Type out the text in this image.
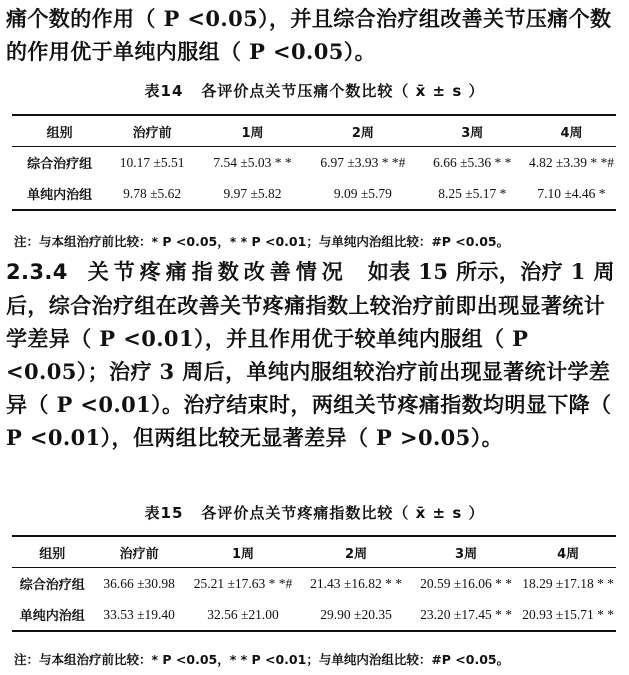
痛个数的作用（ P <0.05），并且综合治疗组改善关节压痛个数的作用优于单纯内服组（ P <0.05）。

表14 各评价点关节压痛个数比较（ x̄ ± s ）
组别	治疗前	1周	2周	3周	4周
综合治疗组	10.17 ±5.51	7.54 ±5.03 * *	6.97 ±3.93 * *#	6.66 ±5.36 * *	4.82 ±3.39 * *#
单纯内治组	9.78 ±5.62	9.97 ±5.82	9.09 ±5.79	8.25 ±5.17 *	7.10 ±4.46 *
注：与本组治疗前比较：* P <0.05，* * P <0.01；与单纯内治组比较：#P <0.05。

2.3.4 关节疼痛指数改善情况 如表 15 所示，治疗 1 周后，综合治疗组在改善关节疼痛指数上较治疗前即出现显著统计学差异（ P <0.01），并且作用优于较单纯内服组（ P <0.05）；治疗 3 周后，单纯内服组较治疗前出现显著统计学差异（ P <0.01）。治疗结束时，两组关节疼痛指数均明显下降（ P <0.01），但两组比较无显著差异（ P >0.05）。

表15 各评价点关节疼痛指数比较（ x̄ ± s ）
组别	治疗前	1周	2周	3周	4周
综合治疗组	36.66 ±30.98	25.21 ±17.63 * *#	21.43 ±16.82 * *	20.59 ±16.06 * *	18.29 ±17.18 * *
单纯内治组	33.53 ±19.40	32.56 ±21.00	29.90 ±20.35	23.20 ±17.45 * *	20.93 ±15.71 * *
注：与本组治疗前比较：* P <0.05，* * P <0.01；与单纯内治组比较：#P <0.05。
